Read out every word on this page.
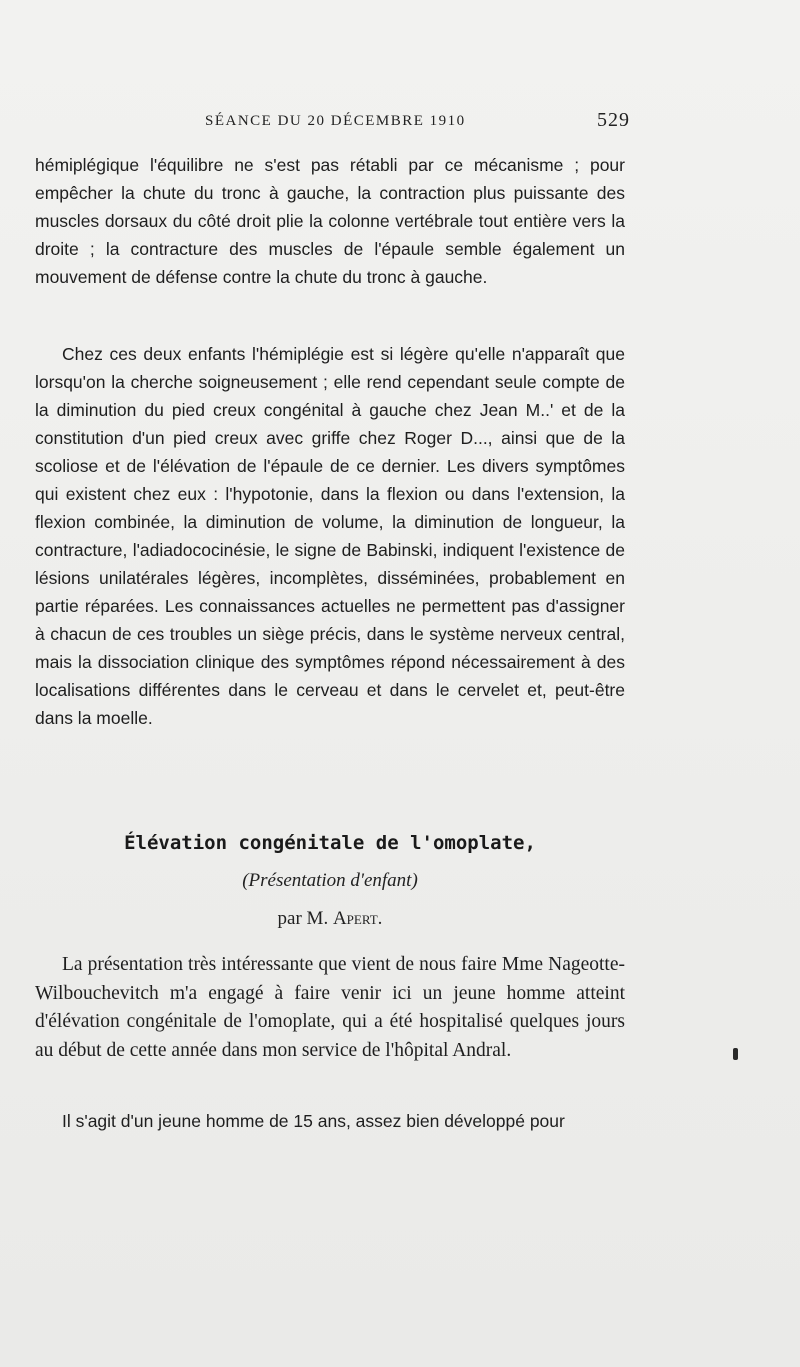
SÉANCE DU 20 DÉCEMBRE 1910	529
hémiplégique l'équilibre ne s'est pas rétabli par ce mécanisme ; pour empêcher la chute du tronc à gauche, la contraction plus puissante des muscles dorsaux du côté droit plie la colonne vertébrale tout entière vers la droite ; la contracture des muscles de l'épaule semble également un mouvement de défense contre la chute du tronc à gauche.
Chez ces deux enfants l'hémiplégie est si légère qu'elle n'apparaît que lorsqu'on la cherche soigneusement ; elle rend cependant seule compte de la diminution du pied creux congénital à gauche chez Jean M..' et de la constitution d'un pied creux avec griffe chez Roger D..., ainsi que de la scoliose et de l'élévation de l'épaule de ce dernier. Les divers symptômes qui existent chez eux : l'hypotonie, dans la flexion ou dans l'extension, la flexion combinée, la diminution de volume, la diminution de longueur, la contracture, l'adiadococinésie, le signe de Babinski, indiquent l'existence de lésions unilatérales légères, incomplètes, disséminées, probablement en partie réparées. Les connaissances actuelles ne permettent pas d'assigner à chacun de ces troubles un siège précis, dans le système nerveux central, mais la dissociation clinique des symptômes répond nécessairement à des localisations différentes dans le cerveau et dans le cervelet et, peut-être dans la moelle.
Élévation congénitale de l'omoplate,
(Présentation d'enfant)
par M. Apert.
La présentation très intéressante que vient de nous faire Mme Nageotte-Wilbouchevitch m'a engagé à faire venir ici un jeune homme atteint d'élévation congénitale de l'omoplate, qui a été hospitalisé quelques jours au début de cette année dans mon service de l'hôpital Andral.
Il s'agit d'un jeune homme de 15 ans, assez bien développé pour
